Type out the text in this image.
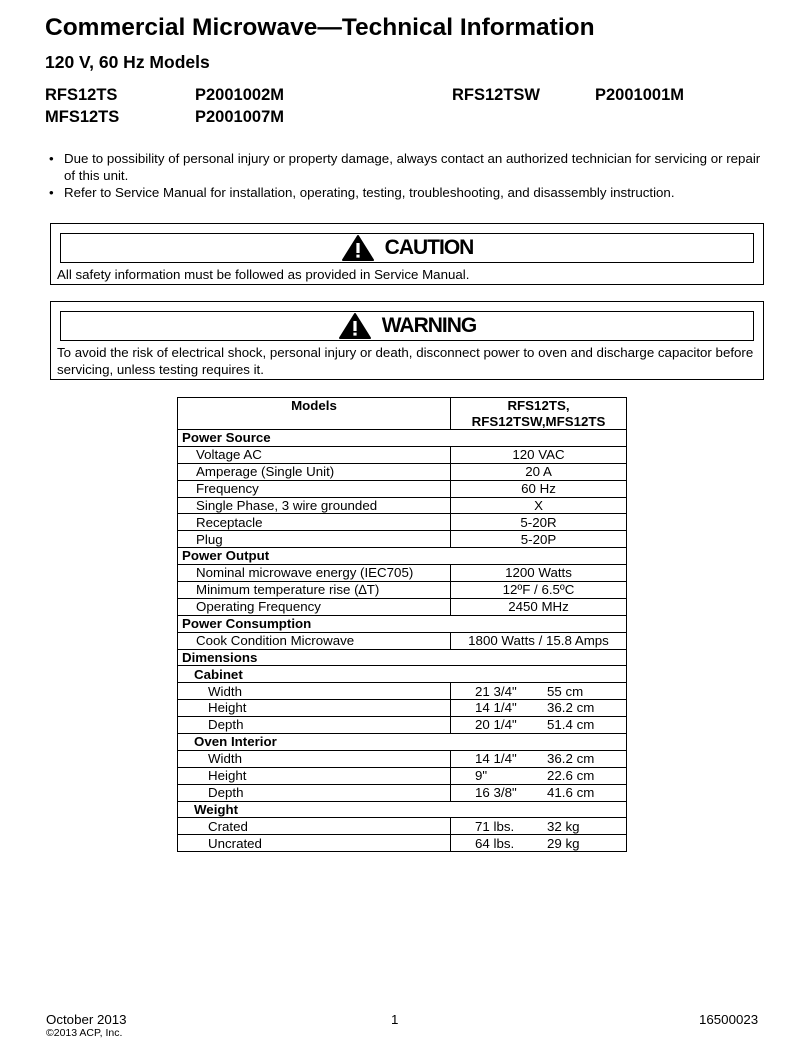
Commercial Microwave—Technical Information
120 V, 60 Hz Models
RFS12TS	P2001002M	RFS12TSW	P2001001M
MFS12TS	P2001007M
• Due to possibility of personal injury or property damage, always contact an authorized technician for servicing or repair of this unit.
• Refer to Service Manual for installation, operating, testing, troubleshooting, and disassembly instruction.
CAUTION
All safety information must be followed as provided in Service Manual.
WARNING
To avoid the risk of electrical shock, personal injury or death, disconnect power to oven and discharge capacitor before servicing, unless testing requires it.
Models	RFS12TS,
RFS12TSW,MFS12TS
Power Source	
Voltage AC	120 VAC
Amperage (Single Unit)	20 A
Frequency	60 Hz
Single Phase, 3 wire grounded	X
Receptacle	5-20R
Plug	5-20P
Power Output	
Nominal microwave energy (IEC705)	1200 Watts
Minimum temperature rise (∆T)	12ºF / 6.5ºC
Operating Frequency	2450 MHz
Power Consumption	
Cook Condition Microwave	1800 Watts / 15.8 Amps
Dimensions	
Cabinet	
Width	21 3/4" 55 cm
Height	14 1/4" 36.2 cm
Depth	20 1/4" 51.4 cm
Oven Interior	
Width	14 1/4" 36.2 cm
Height	9" 22.6 cm
Depth	16 3/8" 41.6 cm
Weight	
Crated	71 lbs. 32 kg
Uncrated	64 lbs. 29 kg
October 2013	1	16500023
©2013 ACP, Inc.
